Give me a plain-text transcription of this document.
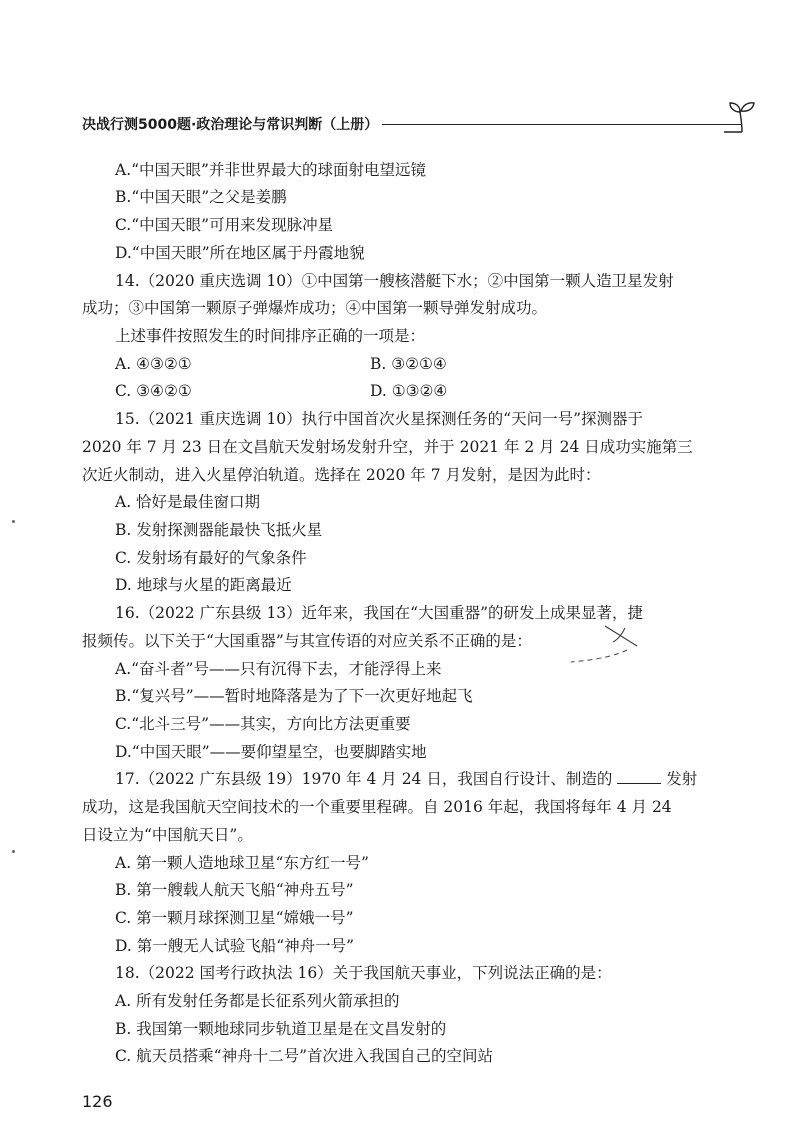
决战行测5000题·政治理论与常识判断（上册）
A.“中国天眼”并非世界最大的球面射电望远镜
B.“中国天眼”之父是姜鹏
C.“中国天眼”可用来发现脉冲星
D.“中国天眼”所在地区属于丹霞地貌
14.（2020 重庆选调 10）①中国第一艘核潜艇下水；②中国第一颗人造卫星发射
成功；③中国第一颗原子弹爆炸成功；④中国第一颗导弹发射成功。
上述事件按照发生的时间排序正确的一项是：
A. ④③②①	B. ③②①④
C. ③④②①	D. ①③②④
15.（2021 重庆选调 10）执行中国首次火星探测任务的“天问一号”探测器于
2020 年 7 月 23 日在文昌航天发射场发射升空，并于 2021 年 2 月 24 日成功实施第三
次近火制动，进入火星停泊轨道。选择在 2020 年 7 月发射，是因为此时：
A. 恰好是最佳窗口期
B. 发射探测器能最快飞抵火星
C. 发射场有最好的气象条件
D. 地球与火星的距离最近
16.（2022 广东县级 13）近年来，我国在“大国重器”的研发上成果显著，捷
报频传。以下关于“大国重器”与其宣传语的对应关系不正确的是：
A.“奋斗者”号——只有沉得下去，才能浮得上来
B.“复兴号”——暂时地降落是为了下一次更好地起飞
C.“北斗三号”——其实，方向比方法更重要
D.“中国天眼”——要仰望星空，也要脚踏实地
17.（2022 广东县级 19）1970 年 4 月 24 日，我国自行设计、制造的	发射
成功，这是我国航天空间技术的一个重要里程碑。自 2016 年起，我国将每年 4 月 24
日设立为“中国航天日”。
A. 第一颗人造地球卫星“东方红一号”
B. 第一艘载人航天飞船“神舟五号”
C. 第一颗月球探测卫星“嫦娥一号”
D. 第一艘无人试验飞船“神舟一号”
18.（2022 国考行政执法 16）关于我国航天事业，下列说法正确的是：
A. 所有发射任务都是长征系列火箭承担的
B. 我国第一颗地球同步轨道卫星是在文昌发射的
C. 航天员搭乘“神舟十二号”首次进入我国自己的空间站
126
